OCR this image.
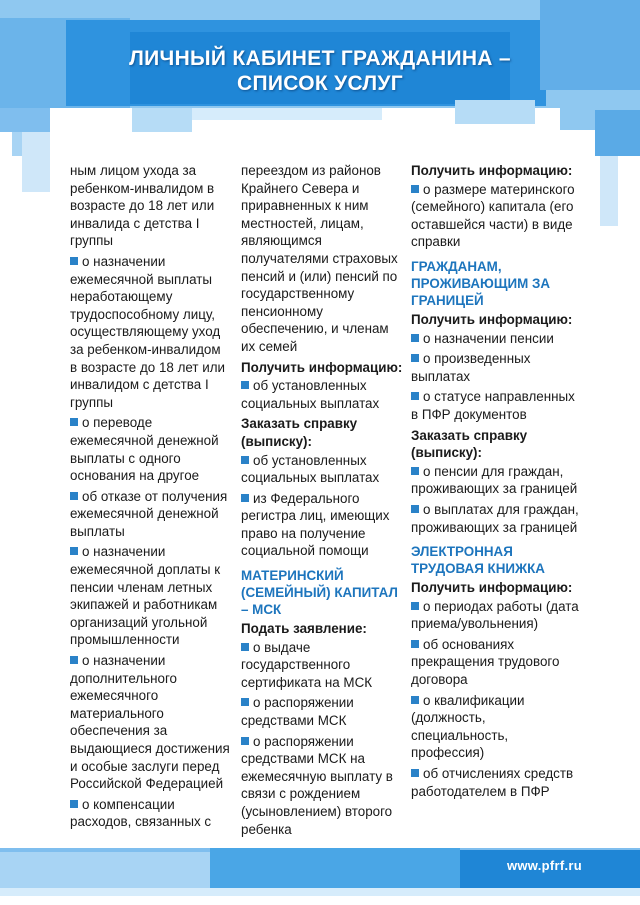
ЛИЧНЫЙ КАБИНЕТ ГРАЖДАНИНА –
СПИСОК УСЛУГ
ным лицом ухода за ребенком-инвалидом в возрасте до 18 лет или инвалида с детства I группы
о назначении ежемесячной выплаты неработающему трудоспособному лицу, осуществляющему уход за ребенком-инвалидом в возрасте до 18 лет или инвалидом с детства I группы
о переводе ежемесячной денежной выплаты с одного основания на другое
об отказе от получения ежемесячной денежной выплаты
о назначении ежемесячной доплаты к пенсии членам летных экипажей и работникам организаций угольной промышленности
о назначении дополнительного ежемесячного материального обеспечения за выдающиеся достижения и особые заслуги перед Российской Федерацией
о компенсации расходов, связанных с
переездом из районов Крайнего Севера и приравненных к ним местностей, лицам, являющимся получателями страховых пенсий и (или) пенсий по государственному пенсионному обеспечению, и членам их семей
Получить информацию:
об установленных социальных выплатах
Заказать справку (выписку):
об установленных социальных выплатах
из Федерального регистра лиц, имеющих право на получение социальной помощи
МАТЕРИНСКИЙ (СЕМЕЙНЫЙ) КАПИТАЛ – МСК
Подать заявление:
о выдаче государственного сертификата на МСК
о распоряжении средствами МСК
о распоряжении средствами МСК на ежемесячную выплату в связи с рождением (усыновлением) второго ребенка
Получить информацию:
о размере материнского (семейного) капитала (его оставшейся части) в виде справки
ГРАЖДАНАМ, ПРОЖИВАЮЩИМ ЗА ГРАНИЦЕЙ
Получить информацию:
о назначении пенсии
о произведенных выплатах
о статусе направленных в ПФР документов
Заказать справку (выписку):
о пенсии для граждан, проживающих за границей
о выплатах для граждан, проживающих за границей
ЭЛЕКТРОННАЯ ТРУДОВАЯ КНИЖКА
Получить информацию:
о периодах работы (дата приема/увольнения)
об основаниях прекращения трудового договора
о квалификации (должность, специальность, профессия)
об отчислениях средств работодателем в ПФР
www.pfrf.ru
